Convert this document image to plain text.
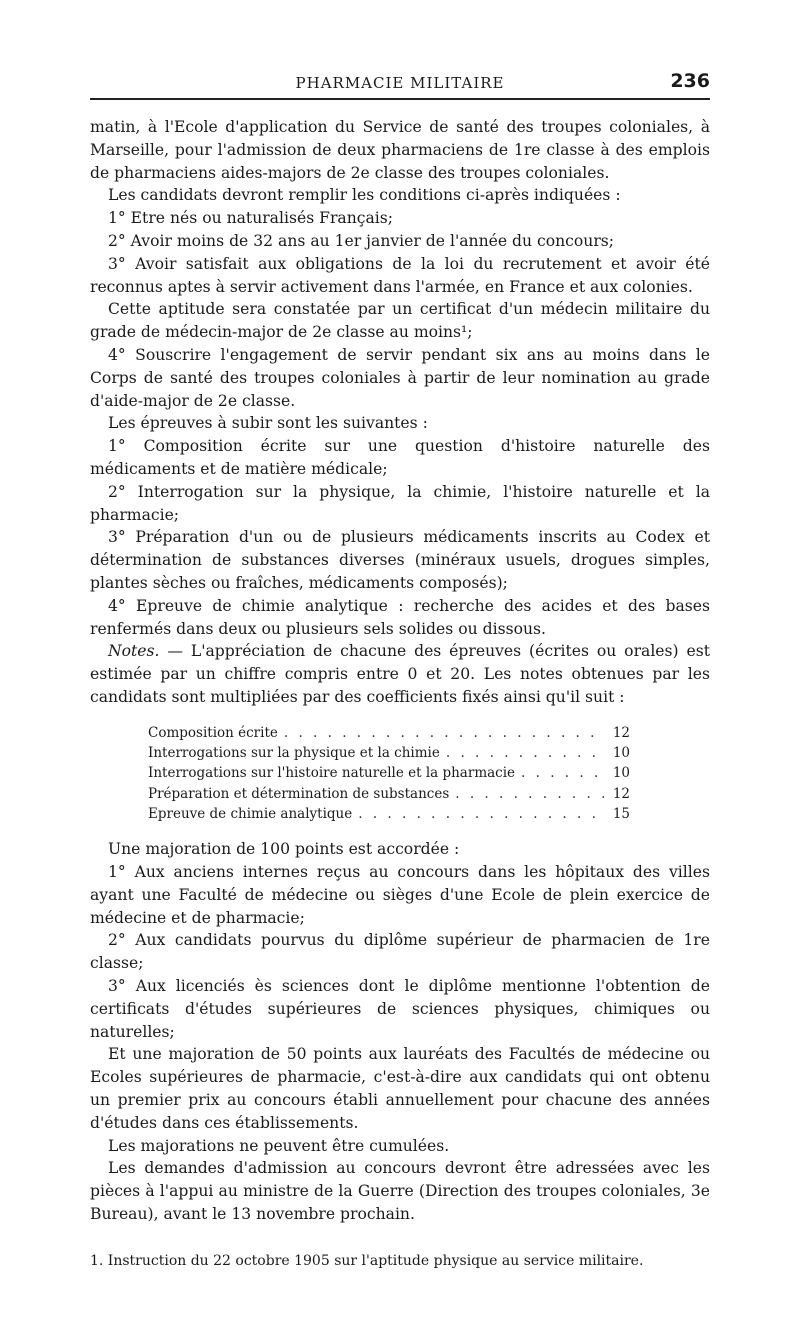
PHARMACIE MILITAIRE	236

matin, à l'Ecole d'application du Service de santé des troupes coloniales, à Marseille, pour l'admission de deux pharmaciens de 1re classe à des emplois de pharmaciens aides-majors de 2e classe des troupes coloniales.

Les candidats devront remplir les conditions ci-après indiquées :

1° Etre nés ou naturalisés Français;

2° Avoir moins de 32 ans au 1er janvier de l'année du concours;

3° Avoir satisfait aux obligations de la loi du recrutement et avoir été reconnus aptes à servir activement dans l'armée, en France et aux colonies.

Cette aptitude sera constatée par un certificat d'un médecin militaire du grade de médecin-major de 2e classe au moins¹;

4° Souscrire l'engagement de servir pendant six ans au moins dans le Corps de santé des troupes coloniales à partir de leur nomination au grade d'aide-major de 2e classe.

Les épreuves à subir sont les suivantes :

1° Composition écrite sur une question d'histoire naturelle des médicaments et de matière médicale;

2° Interrogation sur la physique, la chimie, l'histoire naturelle et la pharmacie;

3° Préparation d'un ou de plusieurs médicaments inscrits au Codex et détermination de substances diverses (minéraux usuels, drogues simples, plantes sèches ou fraîches, médicaments composés);

4° Epreuve de chimie analytique : recherche des acides et des bases renfermés dans deux ou plusieurs sels solides ou dissous.

Notes. — L'appréciation de chacune des épreuves (écrites ou orales) est estimée par un chiffre compris entre 0 et 20. Les notes obtenues par les candidats sont multipliées par des coefficients fixés ainsi qu'il suit :

Composition écrite . . .	12
Interrogations sur la physique et la chimie . . .	10
Interrogations sur l'histoire naturelle et la pharmacie . . .	10
Préparation et détermination de substances . . .	12
Epreuve de chimie analytique . . .	15

Une majoration de 100 points est accordée :

1° Aux anciens internes reçus au concours dans les hôpitaux des villes ayant une Faculté de médecine ou sièges d'une Ecole de plein exercice de médecine et de pharmacie;

2° Aux candidats pourvus du diplôme supérieur de pharmacien de 1re classe;

3° Aux licenciés ès sciences dont le diplôme mentionne l'obtention de certificats d'études supérieures de sciences physiques, chimiques ou naturelles;

Et une majoration de 50 points aux lauréats des Facultés de médecine ou Ecoles supérieures de pharmacie, c'est-à-dire aux candidats qui ont obtenu un premier prix au concours établi annuellement pour chacune des années d'études dans ces établissements.

Les majorations ne peuvent être cumulées.

Les demandes d'admission au concours devront être adressées avec les pièces à l'appui au ministre de la Guerre (Direction des troupes coloniales, 3e Bureau), avant le 13 novembre prochain.

1. Instruction du 22 octobre 1905 sur l'aptitude physique au service militaire.
